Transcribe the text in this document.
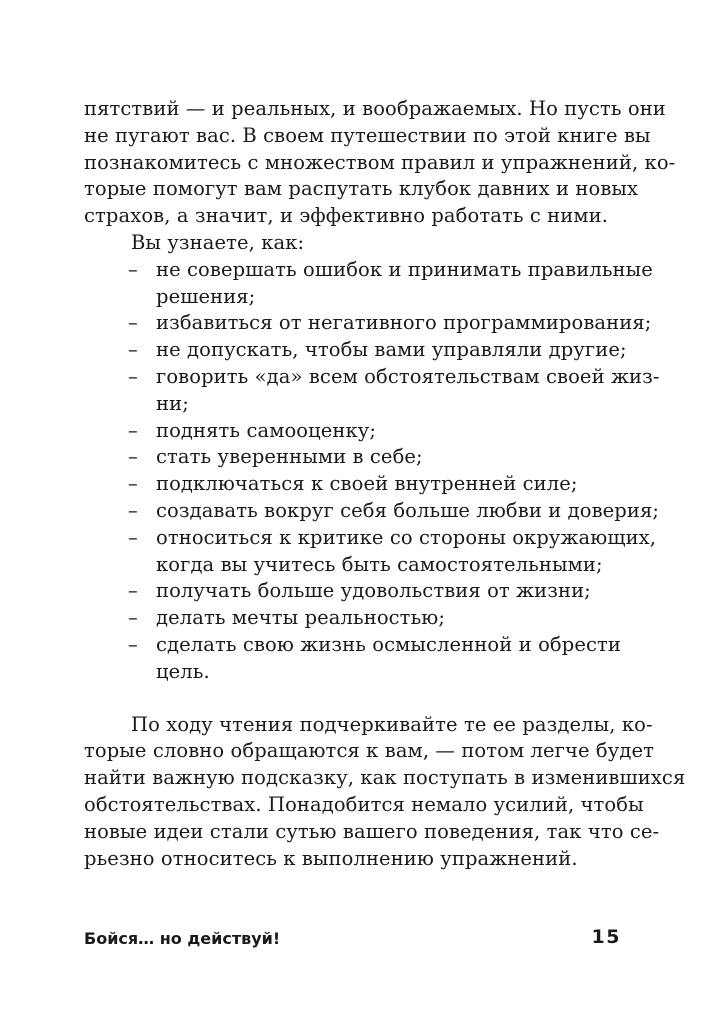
пятствий — и реальных, и воображаемых. Но пусть они
не пугают вас. В своем путешествии по этой книге вы
познакомитесь с множеством правил и упражнений, ко-
торые помогут вам распутать клубок давних и новых
страхов, а значит, и эффективно работать с ними.
Вы узнаете, как:
– не совершать ошибок и принимать правильные
решения;
– избавиться от негативного программирования;
– не допускать, чтобы вами управляли другие;
– говорить «да» всем обстоятельствам своей жиз-
ни;
– поднять самооценку;
– стать уверенными в себе;
– подключаться к своей внутренней силе;
– создавать вокруг себя больше любви и доверия;
– относиться к критике со стороны окружающих,
когда вы учитесь быть самостоятельными;
– получать больше удовольствия от жизни;
– делать мечты реальностью;
– сделать свою жизнь осмысленной и обрести
цель.
По ходу чтения подчеркивайте те ее разделы, ко-
торые словно обращаются к вам, — потом легче будет
найти важную подсказку, как поступать в изменившихся
обстоятельствах. Понадобится немало усилий, чтобы
новые идеи стали сутью вашего поведения, так что се-
рьезно относитесь к выполнению упражнений.
Бойся… но действуй!	15
